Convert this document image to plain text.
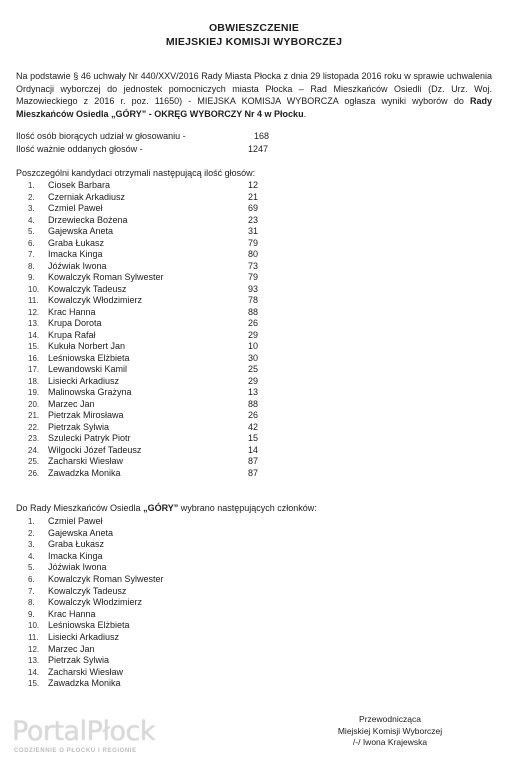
OBWIESZCZENIE
MIEJSKIEJ KOMISJI WYBORCZEJ
Na podstawie § 46 uchwały Nr 440/XXV/2016 Rady Miasta Płocka z dnia 29 listopada 2016 roku w sprawie uchwalenia Ordynacji wyborczej do jednostek pomocniczych miasta Płocka – Rad Mieszkańców Osiedli (Dz. Urz. Woj. Mazowieckiego z 2016 r. poz. 11650) - MIEJSKA KOMISJA WYBORCZA ogłasza wyniki wyborów do Rady Mieszkańców Osiedla „GÓRY” - OKRĘG WYBORCZY Nr 4 w Płocku.
Ilość osób biorących udział w głosowaniu -	168
Ilość ważnie oddanych głosów -	1247
Poszczególni kandydaci otrzymali następującą ilość głosów:
1.	Ciosek Barbara	12
2.	Czerniak Arkadiusz	21
3.	Czmiel Paweł	69
4.	Drzewiecka Bożena	23
5.	Gajewska Aneta	31
6.	Graba Łukasz	79
7.	Imacka Kinga	80
8.	Jóźwiak Iwona	73
9.	Kowalczyk Roman Sylwester	79
10. Kowalczyk Tadeusz	93
11.	Kowalczyk Włodzimierz	78
12. Krac Hanna	88
13. Krupa Dorota	26
14. Krupa Rafał	29
15. Kukuła Norbert Jan	10
16. Leśniowska Elżbieta	30
17. Lewandowski Kamil	25
18. Lisiecki Arkadiusz	29
19. Malinowska Grażyna	13
20. Marzec Jan	88
21. Pietrzak Mirosława	26
22. Pietrzak Sylwia	42
23. Szulecki Patryk Piotr	15
24. Wilgocki Józef Tadeusz	14
25. Zacharski Wiesław	87
26. Zawadzka Monika	87
Do Rady Mieszkańców Osiedla „GÓRY” wybrano następujących członków:
1.	Czmiel Paweł
2.	Gajewska Aneta
3.	Graba Łukasz
4.	Imacka Kinga
5.	Jóźwiak Iwona
6.	Kowalczyk Roman Sylwester
7.	Kowalczyk Tadeusz
8.	Kowalczyk Włodzimierz
9.	Krac Hanna
10. Leśniowska Elżbieta
11.	Lisiecki Arkadiusz
12. Marzec Jan
13. Pietrzak Sylwia
14. Zacharski Wiesław
15. Zawadzka Monika
Przewodnicząca
Miejskiej Komisji Wyborczej
/-/ Iwona Krajewska
PortalPłock
CODZIENNIE O PŁOCKU I REGIONIE
